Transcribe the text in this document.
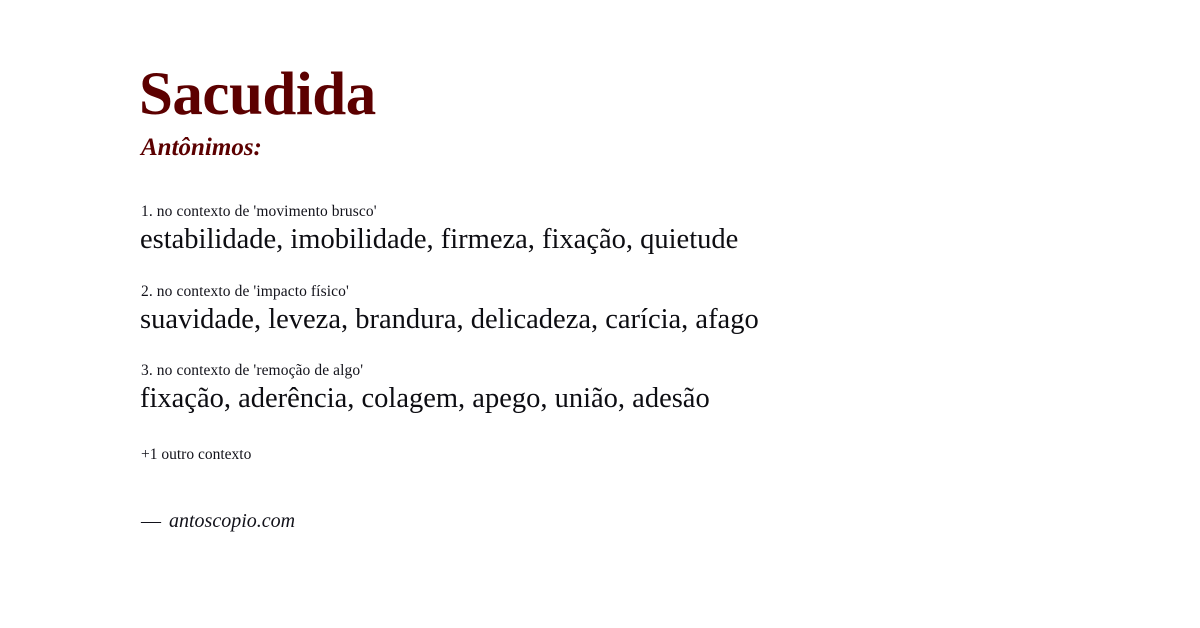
Sacudida
Antônimos:
1. no contexto de 'movimento brusco'
estabilidade, imobilidade, firmeza, fixação, quietude
2. no contexto de 'impacto físico'
suavidade, leveza, brandura, delicadeza, carícia, afago
3. no contexto de 'remoção de algo'
fixação, aderência, colagem, apego, união, adesão
+1 outro contexto
— antoscopio.com
